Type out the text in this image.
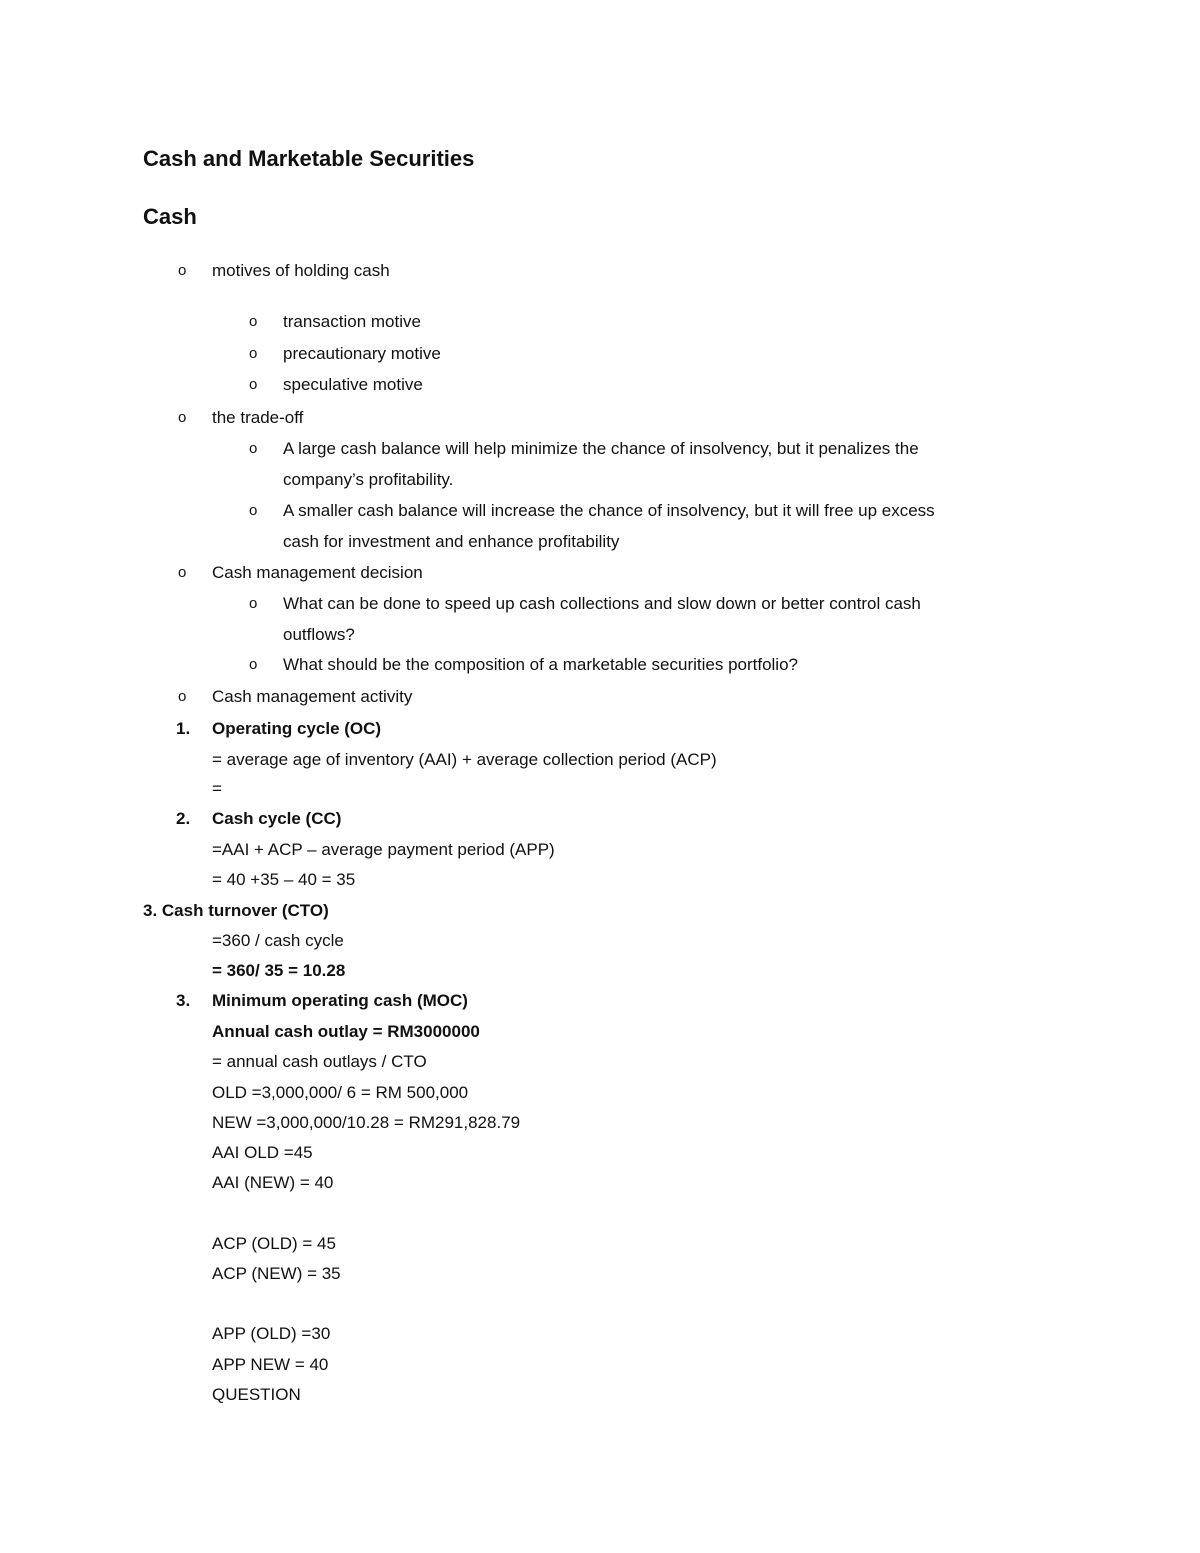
Cash and Marketable Securities
Cash
o motives of holding cash
o transaction motive
o precautionary motive
o speculative motive
o the trade-off
o A large cash balance will help minimize the chance of insolvency, but it penalizes the
company’s profitability.
o A smaller cash balance will increase the chance of insolvency, but it will free up excess
cash for investment and enhance profitability
o Cash management decision
o What can be done to speed up cash collections and slow down or better control cash
outflows?
o What should be the composition of a marketable securities portfolio?
o Cash management activity
1. Operating cycle (OC)
= average age of inventory (AAI) + average collection period (ACP)
=
2. Cash cycle (CC)
=AAI + ACP – average payment period (APP)
= 40 +35 – 40 = 35
3. Cash turnover (CTO)
=360 / cash cycle
= 360/ 35 = 10.28
3. Minimum operating cash (MOC)
Annual cash outlay = RM3000000
= annual cash outlays / CTO
OLD =3,000,000/ 6 = RM 500,000
NEW =3,000,000/10.28 = RM291,828.79
AAI OLD =45
AAI (NEW) = 40
ACP (OLD) = 45
ACP (NEW) = 35
APP (OLD) =30
APP NEW = 40
QUESTION
